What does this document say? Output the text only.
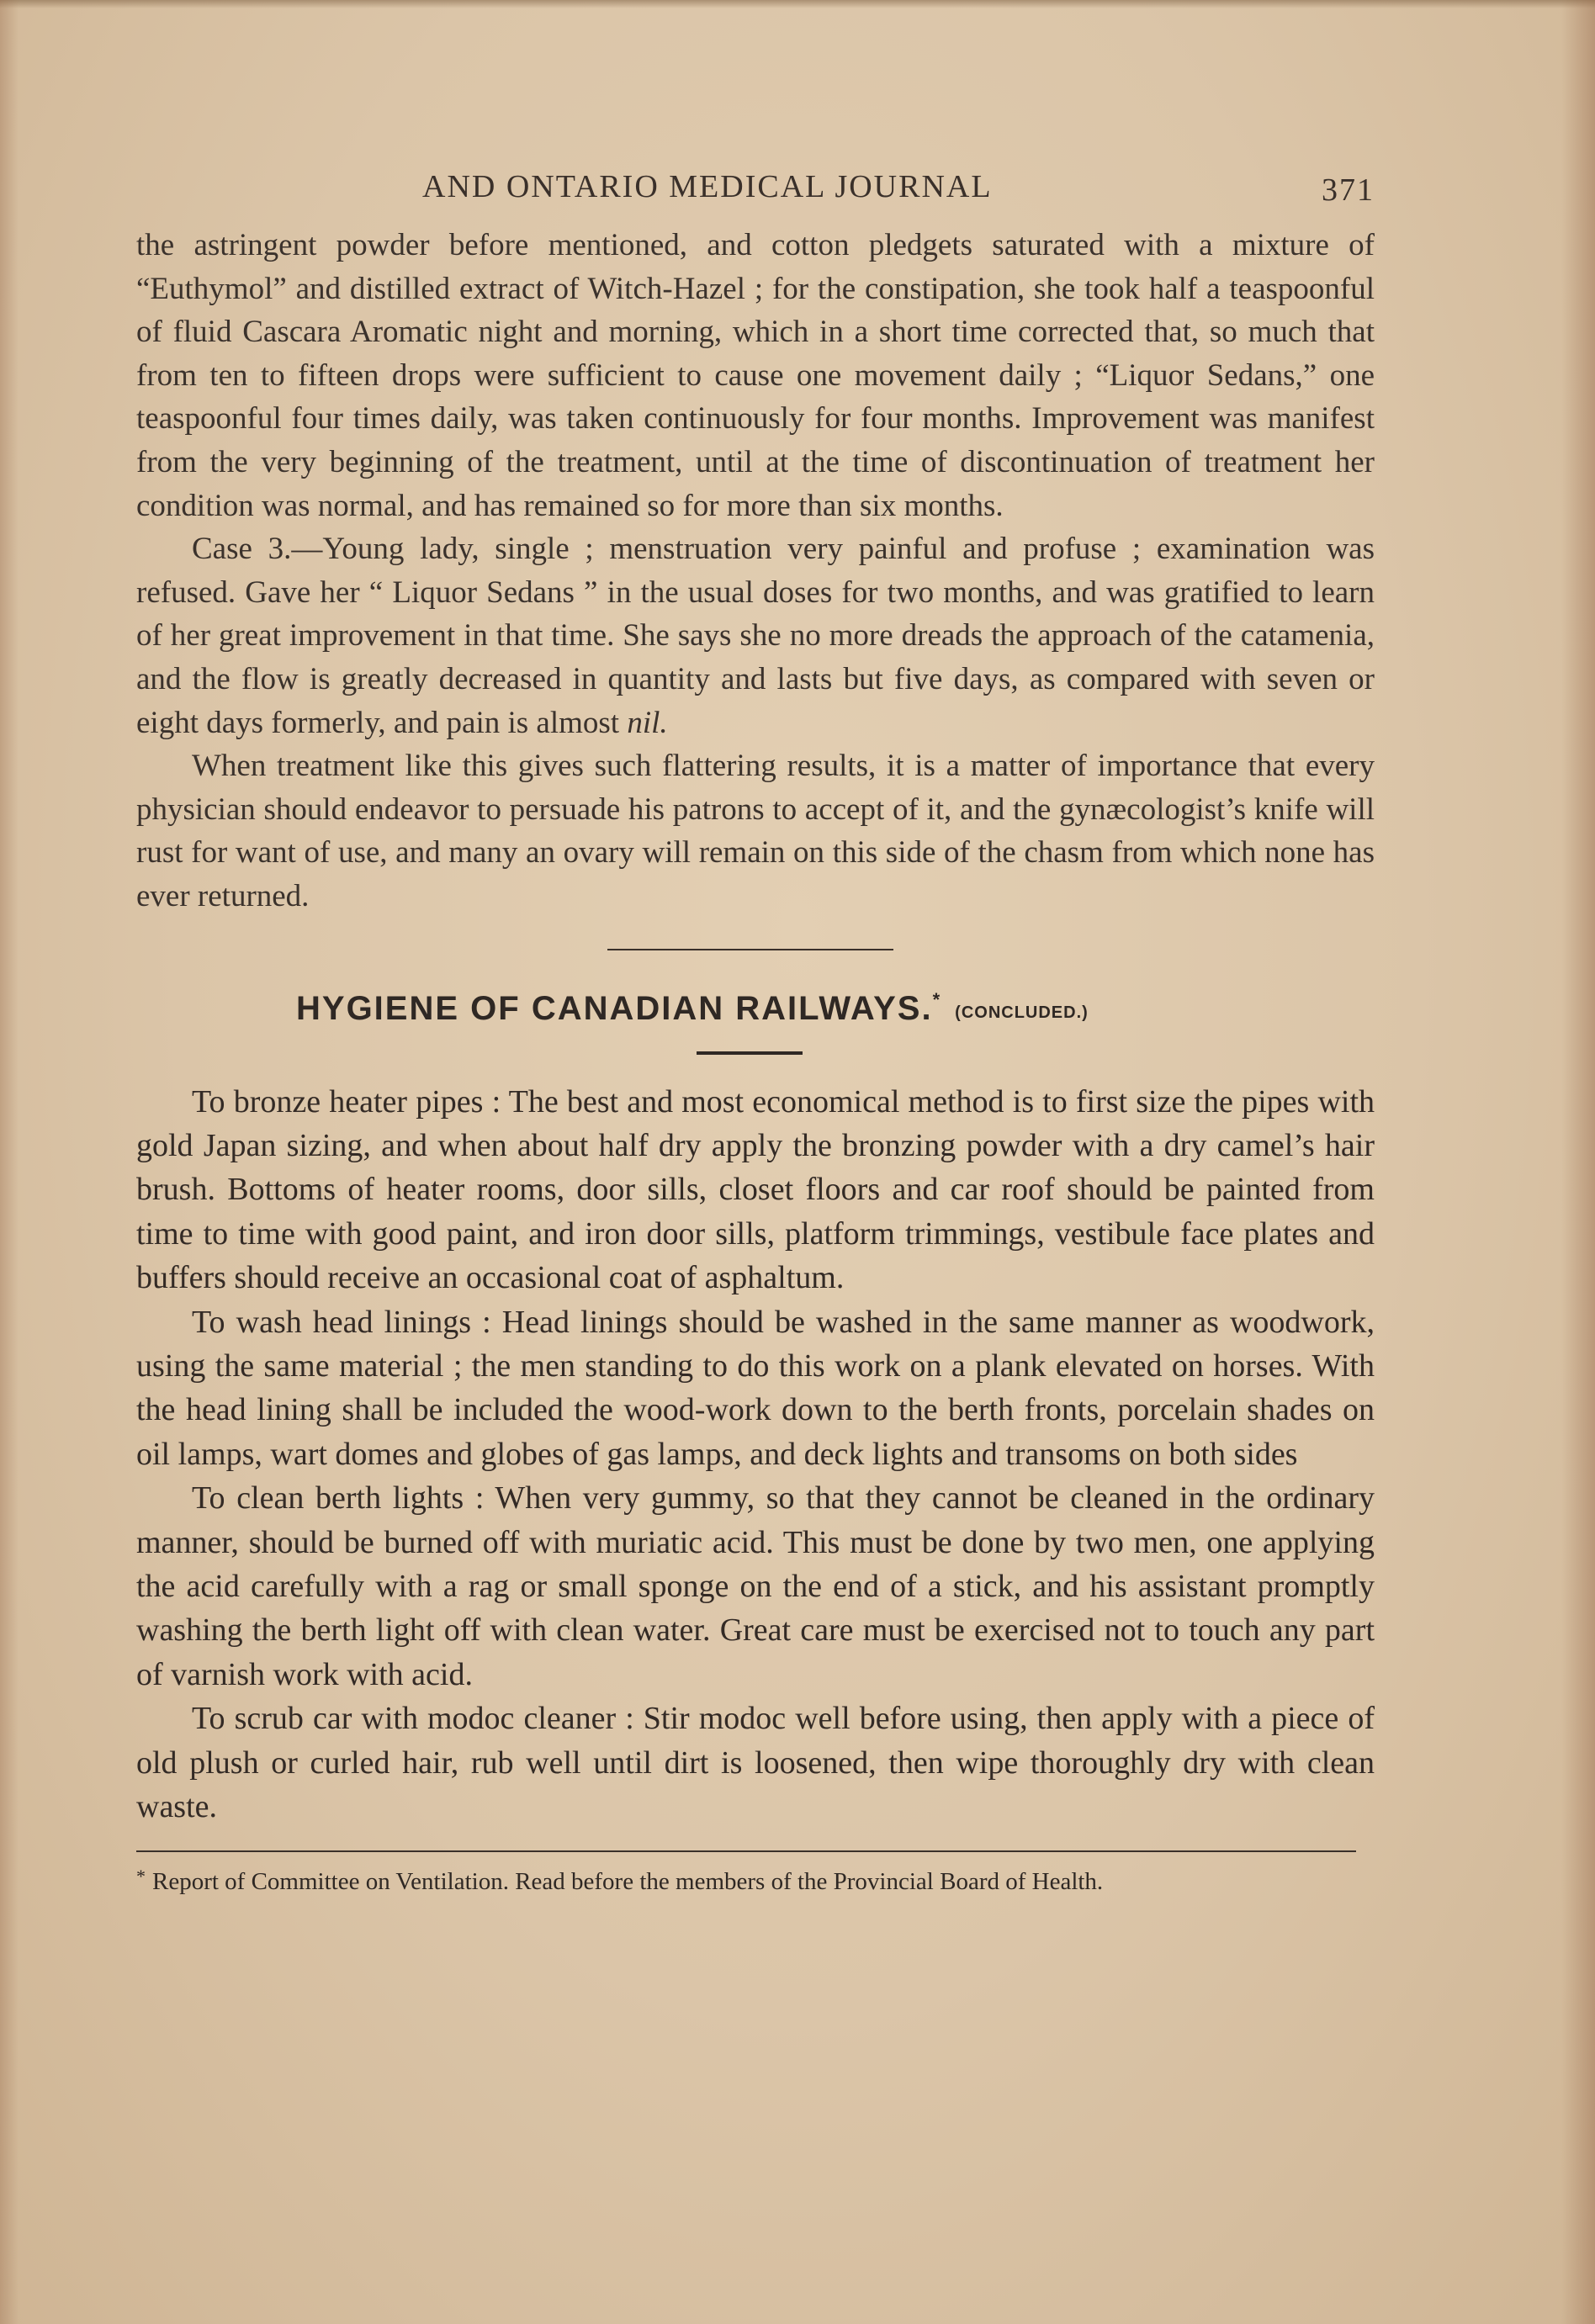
AND ONTARIO MEDICAL JOURNAL	371

the astringent powder before mentioned, and cotton pledgets saturated with a mixture of “Euthymol” and distilled extract of Witch-Hazel ; for the constipation, she took half a teaspoonful of fluid Cascara Aromatic night and morning, which in a short time corrected that, so much that from ten to fifteen drops were sufficient to cause one movement daily ; “Liquor Sedans,” one teaspoonful four times daily, was taken continuously for four months. Improvement was manifest from the very beginning of the treatment, until at the time of discontinuation of treatment her condition was normal, and has remained so for more than six months.

Case 3.—Young lady, single ; menstruation very painful and profuse ; examination was refused. Gave her “ Liquor Sedans ” in the usual doses for two months, and was gratified to learn of her great improvement in that time. She says she no more dreads the approach of the catamenia, and the flow is greatly decreased in quantity and lasts but five days, as compared with seven or eight days formerly, and pain is almost nil.

When treatment like this gives such flattering results, it is a matter of importance that every physician should endeavor to persuade his patrons to accept of it, and the gynæcologist’s knife will rust for want of use, and many an ovary will remain on this side of the chasm from which none has ever returned.

HYGIENE OF CANADIAN RAILWAYS.*(CONCLUDED.)

To bronze heater pipes : The best and most economical method is to first size the pipes with gold Japan sizing, and when about half dry apply the bronzing powder with a dry camel’s hair brush. Bottoms of heater rooms, door sills, closet floors and car roof should be painted from time to time with good paint, and iron door sills, platform trimmings, vestibule face plates and buffers should receive an occasional coat of asphaltum.

To wash head linings : Head linings should be washed in the same manner as woodwork, using the same material ; the men standing to do this work on a plank elevated on horses. With the head lining shall be included the wood-work down to the berth fronts, porcelain shades on oil lamps, wart domes and globes of gas lamps, and deck lights and transoms on both sides

To clean berth lights : When very gummy, so that they cannot be cleaned in the ordinary manner, should be burned off with muriatic acid. This must be done by two men, one applying the acid carefully with a rag or small sponge on the end of a stick, and his assistant promptly washing the berth light off with clean water. Great care must be exercised not to touch any part of varnish work with acid.

To scrub car with modoc cleaner : Stir modoc well before using, then apply with a piece of old plush or curled hair, rub well until dirt is loosened, then wipe thoroughly dry with clean waste.

* Report of Committee on Ventilation. Read before the members of the Provincial Board of Health.
